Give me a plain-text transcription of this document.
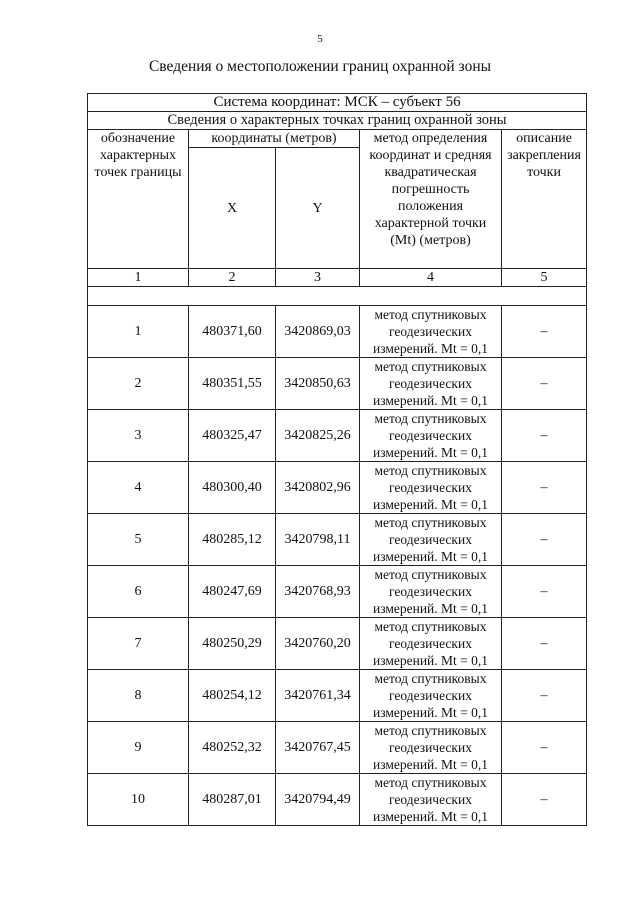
5
Сведения о местоположении границ охранной зоны
Система координат: МСК – субъект 56				
Сведения о характерных точках границ охранной зоны				
обозначение характерных точек границы	координаты (метров)		метод определения координат и средняя квадратическая погрешность положения характерной точки (Mt) (метров)	описание закрепления точки
	X	Y		
1	2	3	4	5

1	480371,60	3420869,03	метод спутниковых геодезических измерений. Mt = 0,1	–
2	480351,55	3420850,63	метод спутниковых геодезических измерений. Mt = 0,1	–
3	480325,47	3420825,26	метод спутниковых геодезических измерений. Mt = 0,1	–
4	480300,40	3420802,96	метод спутниковых геодезических измерений. Mt = 0,1	–
5	480285,12	3420798,11	метод спутниковых геодезических измерений. Mt = 0,1	–
6	480247,69	3420768,93	метод спутниковых геодезических измерений. Mt = 0,1	–
7	480250,29	3420760,20	метод спутниковых геодезических измерений. Mt = 0,1	–
8	480254,12	3420761,34	метод спутниковых геодезических измерений. Mt = 0,1	–
9	480252,32	3420767,45	метод спутниковых геодезических измерений. Mt = 0,1	–
10	480287,01	3420794,49	метод спутниковых геодезических измерений. Mt = 0,1	–
